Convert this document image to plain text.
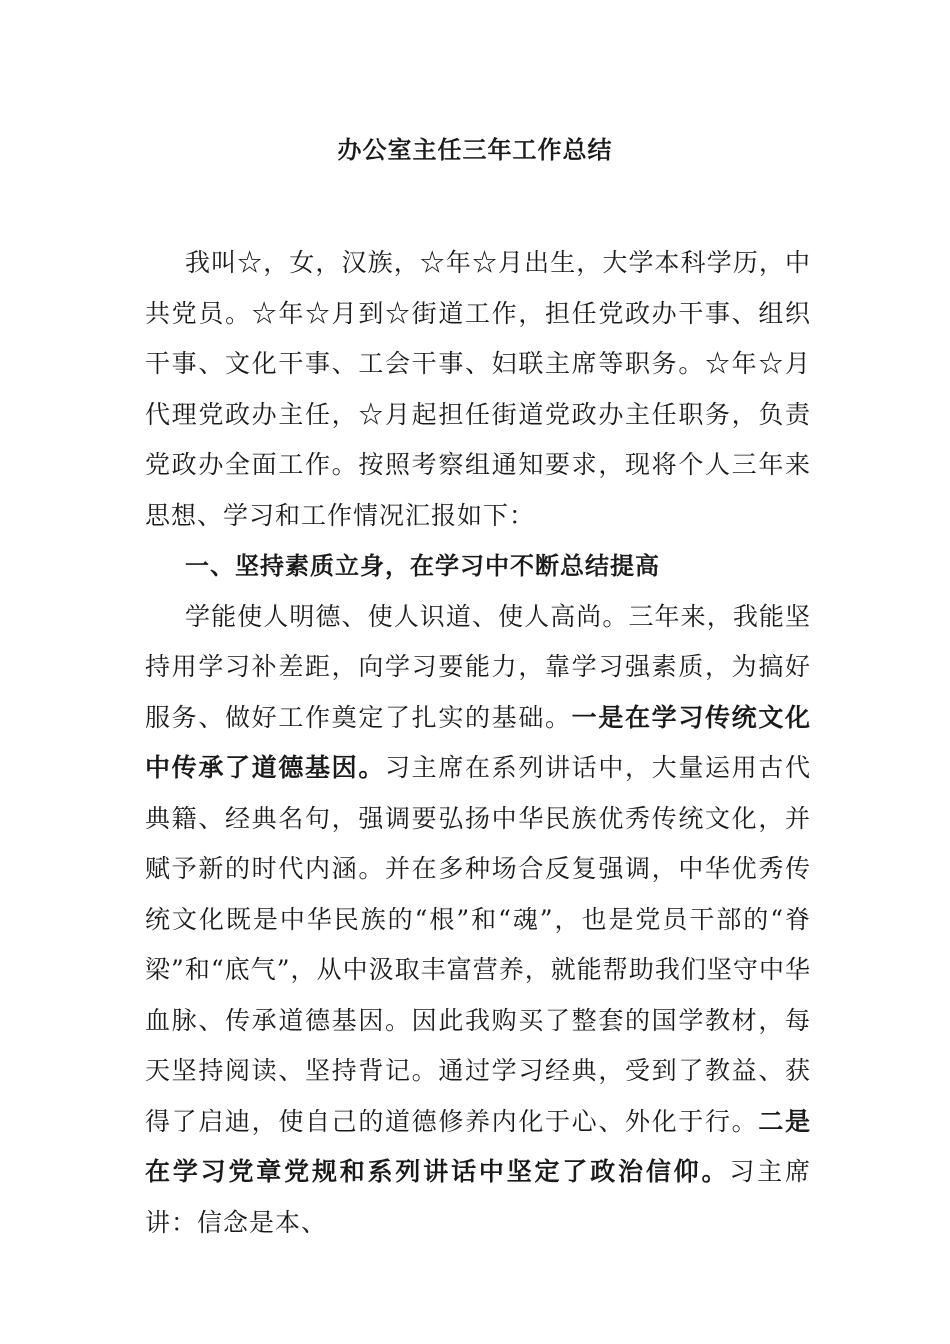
办公室主任三年工作总结

我叫☆，女，汉族，☆年☆月出生，大学本科学历，中共党员。☆年☆月到☆街道工作，担任党政办干事、组织干事、文化干事、工会干事、妇联主席等职务。☆年☆月代理党政办主任，☆月起担任街道党政办主任职务，负责党政办全面工作。按照考察组通知要求，现将个人三年来思想、学习和工作情况汇报如下：

一、坚持素质立身，在学习中不断总结提高

学能使人明德、使人识道、使人高尚。三年来，我能坚持用学习补差距，向学习要能力，靠学习强素质，为搞好服务、做好工作奠定了扎实的基础。一是在学习传统文化中传承了道德基因。习主席在系列讲话中，大量运用古代典籍、经典名句，强调要弘扬中华民族优秀传统文化，并赋予新的时代内涵。并在多种场合反复强调，中华优秀传统文化既是中华民族的“根”和“魂”，也是党员干部的“脊梁”和“底气”，从中汲取丰富营养，就能帮助我们坚守中华血脉、传承道德基因。因此我购买了整套的国学教材，每天坚持阅读、坚持背记。通过学习经典，受到了教益、获得了启迪，使自己的道德修养内化于心、外化于行。二是在学习党章党规和系列讲话中坚定了政治信仰。习主席讲：信念是本、
